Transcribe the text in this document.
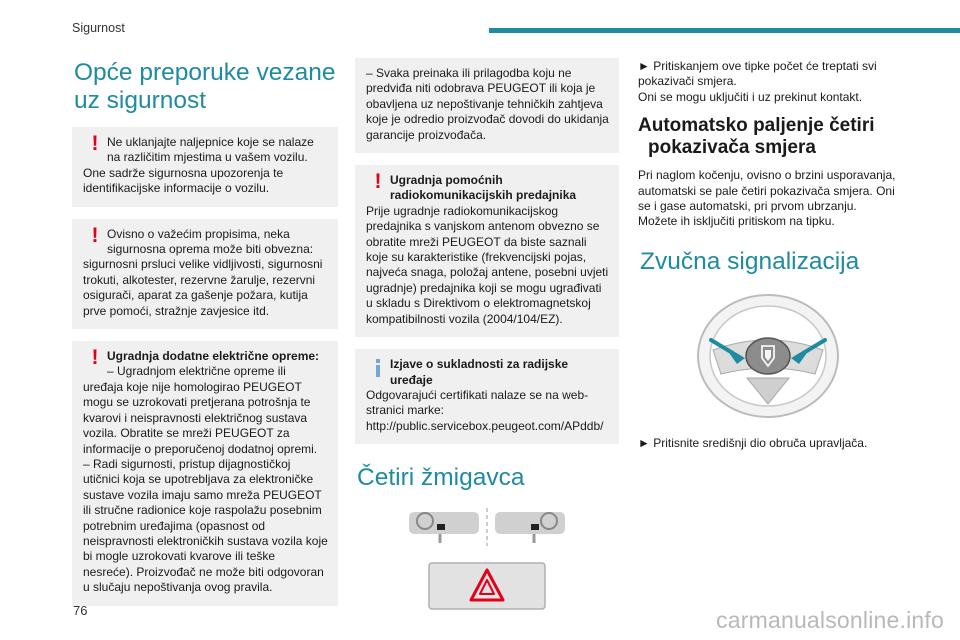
Sigurnost
Opće preporuke vezane
uz sigurnost
! Ne uklanjajte naljepnice koje se nalaze na različitim mjestima u vašem vozilu.
One sadrže sigurnosna upozorenja te identifikacijske informacije o vozilu.
! Ovisno o važećim propisima, neka sigurnosna oprema može biti obvezna:
sigurnosni prsluci velike vidljivosti, sigurnosni trokuti, alkotester, rezervne žarulje, rezervni osigurači, aparat za gašenje požara, kutija prve pomoći, stražnje zavjesice itd.
! Ugradnja dodatne električne opreme:
– Ugradnjom električne opreme ili
uređaja koje nije homologirao PEUGEOT mogu se uzrokovati pretjerana potrošnja te kvarovi i neispravnosti električnog sustava vozila. Obratite se mreži PEUGEOT za informacije o preporučenoj dodatnoj opremi.
– Radi sigurnosti, pristup dijagnostičkoj utičnici koja se upotrebljava za elektroničke sustave vozila imaju samo mreža PEUGEOT ili stručne radionice koje raspolažu posebnim potrebnim uređajima (opasnost od neispravnosti elektroničkih sustava vozila koje bi mogle uzrokovati kvarove ili teške nesreće). Proizvođač ne može biti odgovoran u slučaju nepoštivanja ovog pravila.
– Svaka preinaka ili prilagodba koju ne predviđa niti odobrava PEUGEOT ili koja je obavljena uz nepoštivanje tehničkih zahtjeva koje je odredio proizvođač dovodi do ukidanja garancije proizvođača.
! Ugradnja pomoćnih radiokomunikacijskih predajnika
Prije ugradnje radiokomunikacijskog predajnika s vanjskom antenom obvezno se obratite mreži PEUGEOT da biste saznali koje su karakteristike (frekvencijski pojas, najveća snaga, položaj antene, posebni uvjeti ugradnje) predajnika koji se mogu ugrađivati u skladu s Direktivom o elektromagnetskoj kompatibilnosti vozila (2004/104/EZ).
Izjave o sukladnosti za radijske uređaje
Odgovarajući certifikati nalaze se na web-stranici marke:
http://public.servicebox.peugeot.com/APddb/
Četiri žmigavca
► Pritiskanjem ove tipke počet će treptati svi pokazivači smjera.
Oni se mogu uključiti i uz prekinut kontakt.
Automatsko paljenje četiri
pokazivača smjera
Pri naglom kočenju, ovisno o brzini usporavanja, automatski se pale četiri pokazivača smjera. Oni se i gase automatski, pri prvom ubrzanju.
Možete ih isključiti pritiskom na tipku.
Zvučna signalizacija
► Pritisnite središnji dio obruča upravljača.
76	carmanualsonline.info
